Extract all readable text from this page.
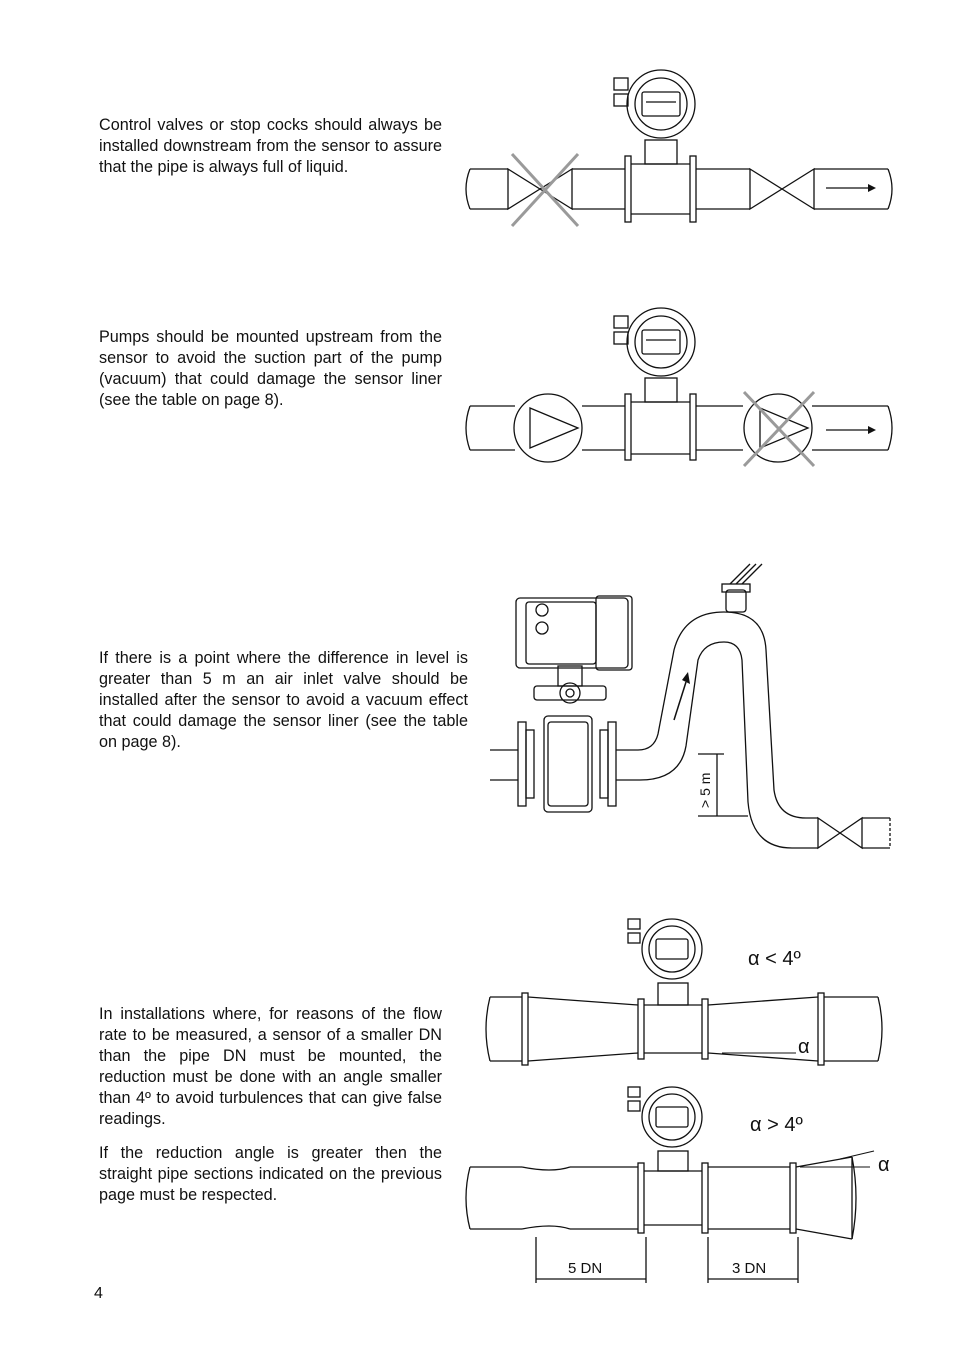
Control valves or stop cocks should always be installed downstream from the sensor to assure that the pipe is always full of liquid.

Pumps should be mounted upstream from the sensor to avoid the suction part of the pump (vacuum) that could damage the sensor liner (see the table on page 8).

If there is a point where the difference in level is greater than 5 m an air inlet valve should be installed after the sensor to avoid a vacuum effect that could damage the sensor liner (see the table on page 8).

> 5 m

In installations where, for reasons of the flow rate to be measured, a sensor of a smaller DN than the pipe DN must be mounted, the reduction must be done with an angle smaller than 4º to avoid turbulences that can give false readings.

If the reduction angle is greater then the straight pipe sections indicated on the previous page must be respected.

α < 4º
α
α > 4º
α
5 DN	3 DN
4
